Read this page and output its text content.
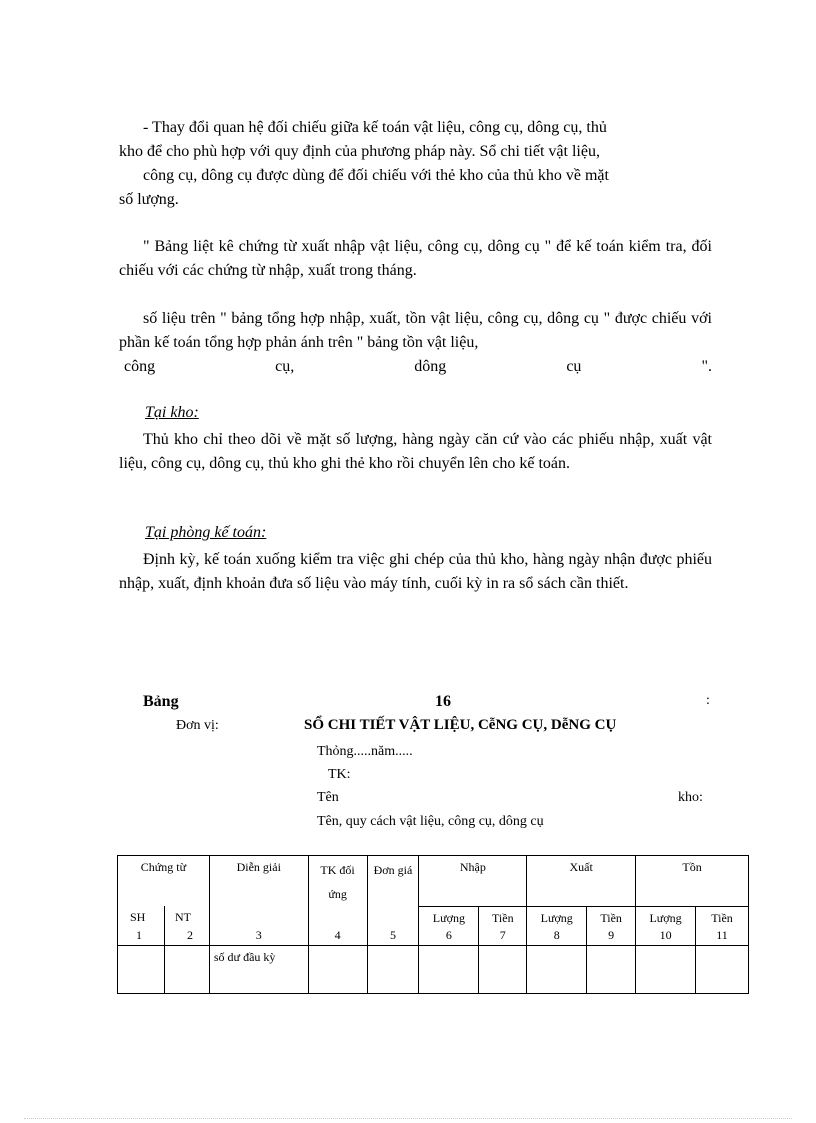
- Thay đổi quan hệ đối chiếu giữa kế toán vật liệu, công cụ, dông cụ, thủ

kho để cho phù hợp với quy định của phương pháp này. Sổ chi tiết vật liệu,

công cụ, dông cụ được dùng để đối chiếu với thẻ kho của thủ kho về mặt

số lượng.

" Bảng liệt kê chứng từ xuất nhập vật liệu, công cụ, dông cụ " để kế toán kiểm tra, đối chiếu với các chứng từ nhập, xuất trong tháng.

số liệu trên " bảng tổng hợp nhập, xuất, tồn vật liệu, công cụ, dông cụ " được chiếu với phần kế toán tổng hợp phản ánh trên " bảng tồn vật liệu,

công	cụ,	dông	cụ	".
Tại kho:

Thủ kho chỉ theo dõi về mặt số lượng, hàng ngày căn cứ vào các phiếu nhập, xuất vật liệu, công cụ, dông cụ, thủ kho ghi thẻ kho rồi chuyển lên cho kế toán.

Tại phòng kế toán:

Định kỳ, kế toán xuống kiểm tra việc ghi chép của thủ kho, hàng ngày nhận được phiếu nhập, xuất, định khoản đưa số liệu vào máy tính, cuối kỳ in ra sổ sách cần thiết.

Bảng	16	:
Đơn vị:	SỔ CHI TIẾT VẬT LIỆU, CễNG CỤ, DễNG CỤ
Thỏng.....năm.....
TK:
Tên	kho:
Tên, quy cách vật liệu, công cụ, dông cụ
Chứng từ		Diễn giải	TK đối ứng	Đơn giá	Nhập		Xuất		Tồn	
SH	NT				Lượng	Tiền	Lượng	Tiền	Lượng	Tiền
1	2	3	4	5	6	7	8	9	10	11
		số dư đầu kỳ								
